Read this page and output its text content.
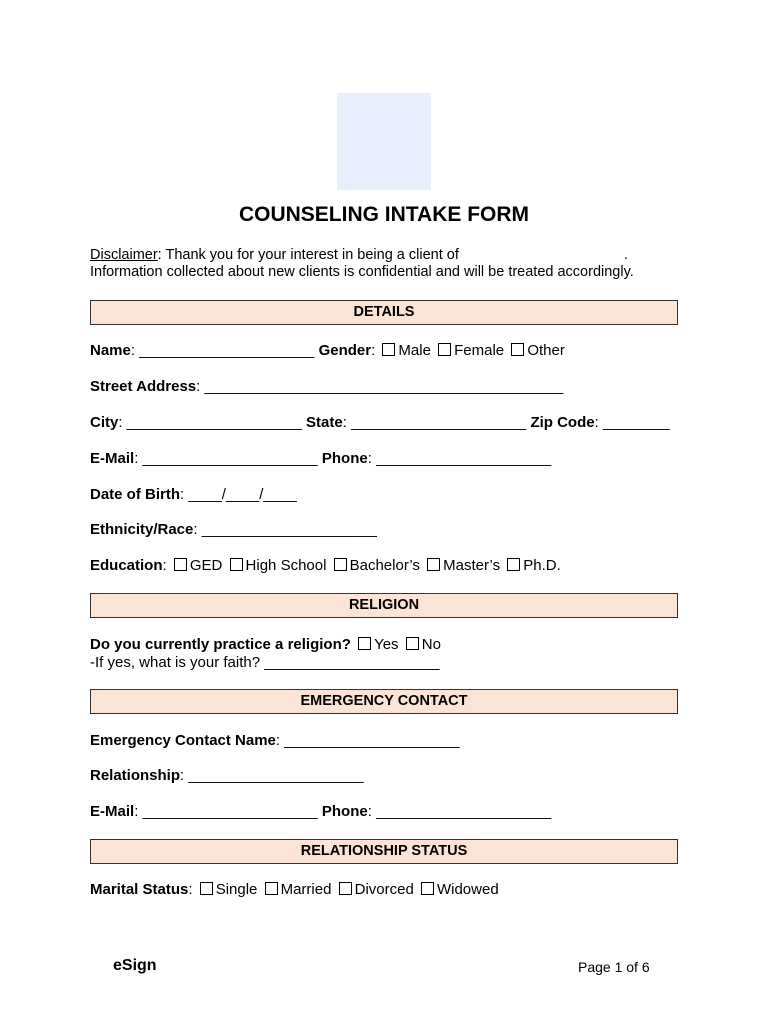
COUNSELING INTAKE FORM
Disclaimer: Thank you for your interest in being a client of	.
Information collected about new clients is confidential and will be treated accordingly.
DETAILS
Name: _____________________ Gender: Male Female Other
Street Address: ___________________________________________
City: _____________________ State: _____________________ Zip Code: ________
E-Mail: _____________________ Phone: _____________________
Date of Birth: ____/____/____
Ethnicity/Race: _____________________
Education: GED High School Bachelor’s Master’s Ph.D.
RELIGION
Do you currently practice a religion? Yes No
-If yes, what is your faith? _____________________
EMERGENCY CONTACT
Emergency Contact Name: _____________________
Relationship: _____________________
E-Mail: _____________________ Phone: _____________________
RELATIONSHIP STATUS
Marital Status: Single Married Divorced Widowed
eSign	Page 1 of 6
